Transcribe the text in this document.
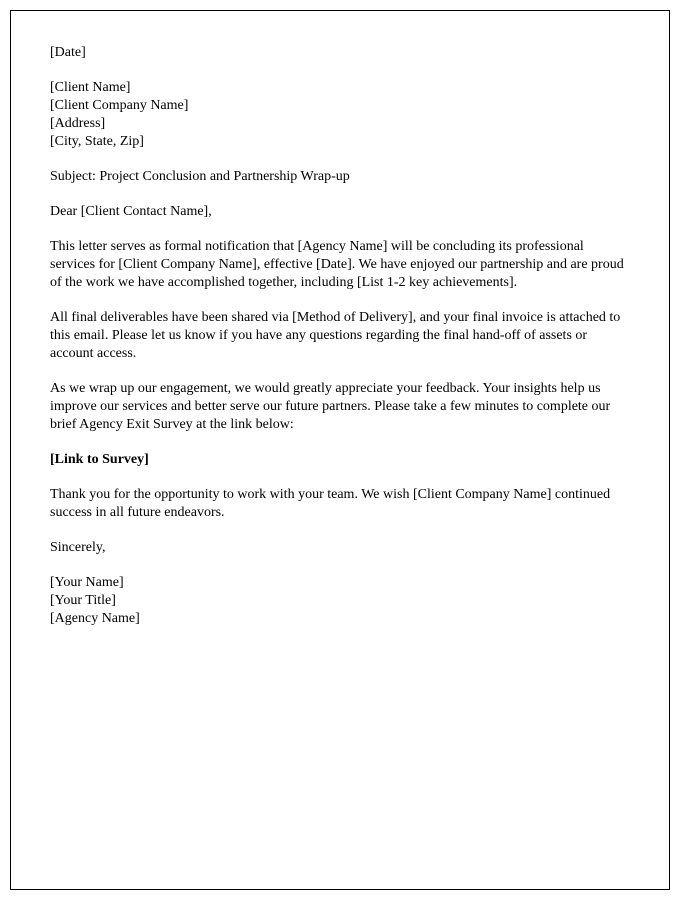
[Date]

[Client Name]
[Client Company Name]
[Address]
[City, State, Zip]

Subject: Project Conclusion and Partnership Wrap-up

Dear [Client Contact Name],

This letter serves as formal notification that [Agency Name] will be concluding its professional services for [Client Company Name], effective [Date]. We have enjoyed our partnership and are proud of the work we have accomplished together, including [List 1-2 key achievements].

All final deliverables have been shared via [Method of Delivery], and your final invoice is attached to this email. Please let us know if you have any questions regarding the final hand-off of assets or account access.

As we wrap up our engagement, we would greatly appreciate your feedback. Your insights help us improve our services and better serve our future partners. Please take a few minutes to complete our brief Agency Exit Survey at the link below:

[Link to Survey]

Thank you for the opportunity to work with your team. We wish [Client Company Name] continued success in all future endeavors.

Sincerely,

[Your Name]
[Your Title]
[Agency Name]
